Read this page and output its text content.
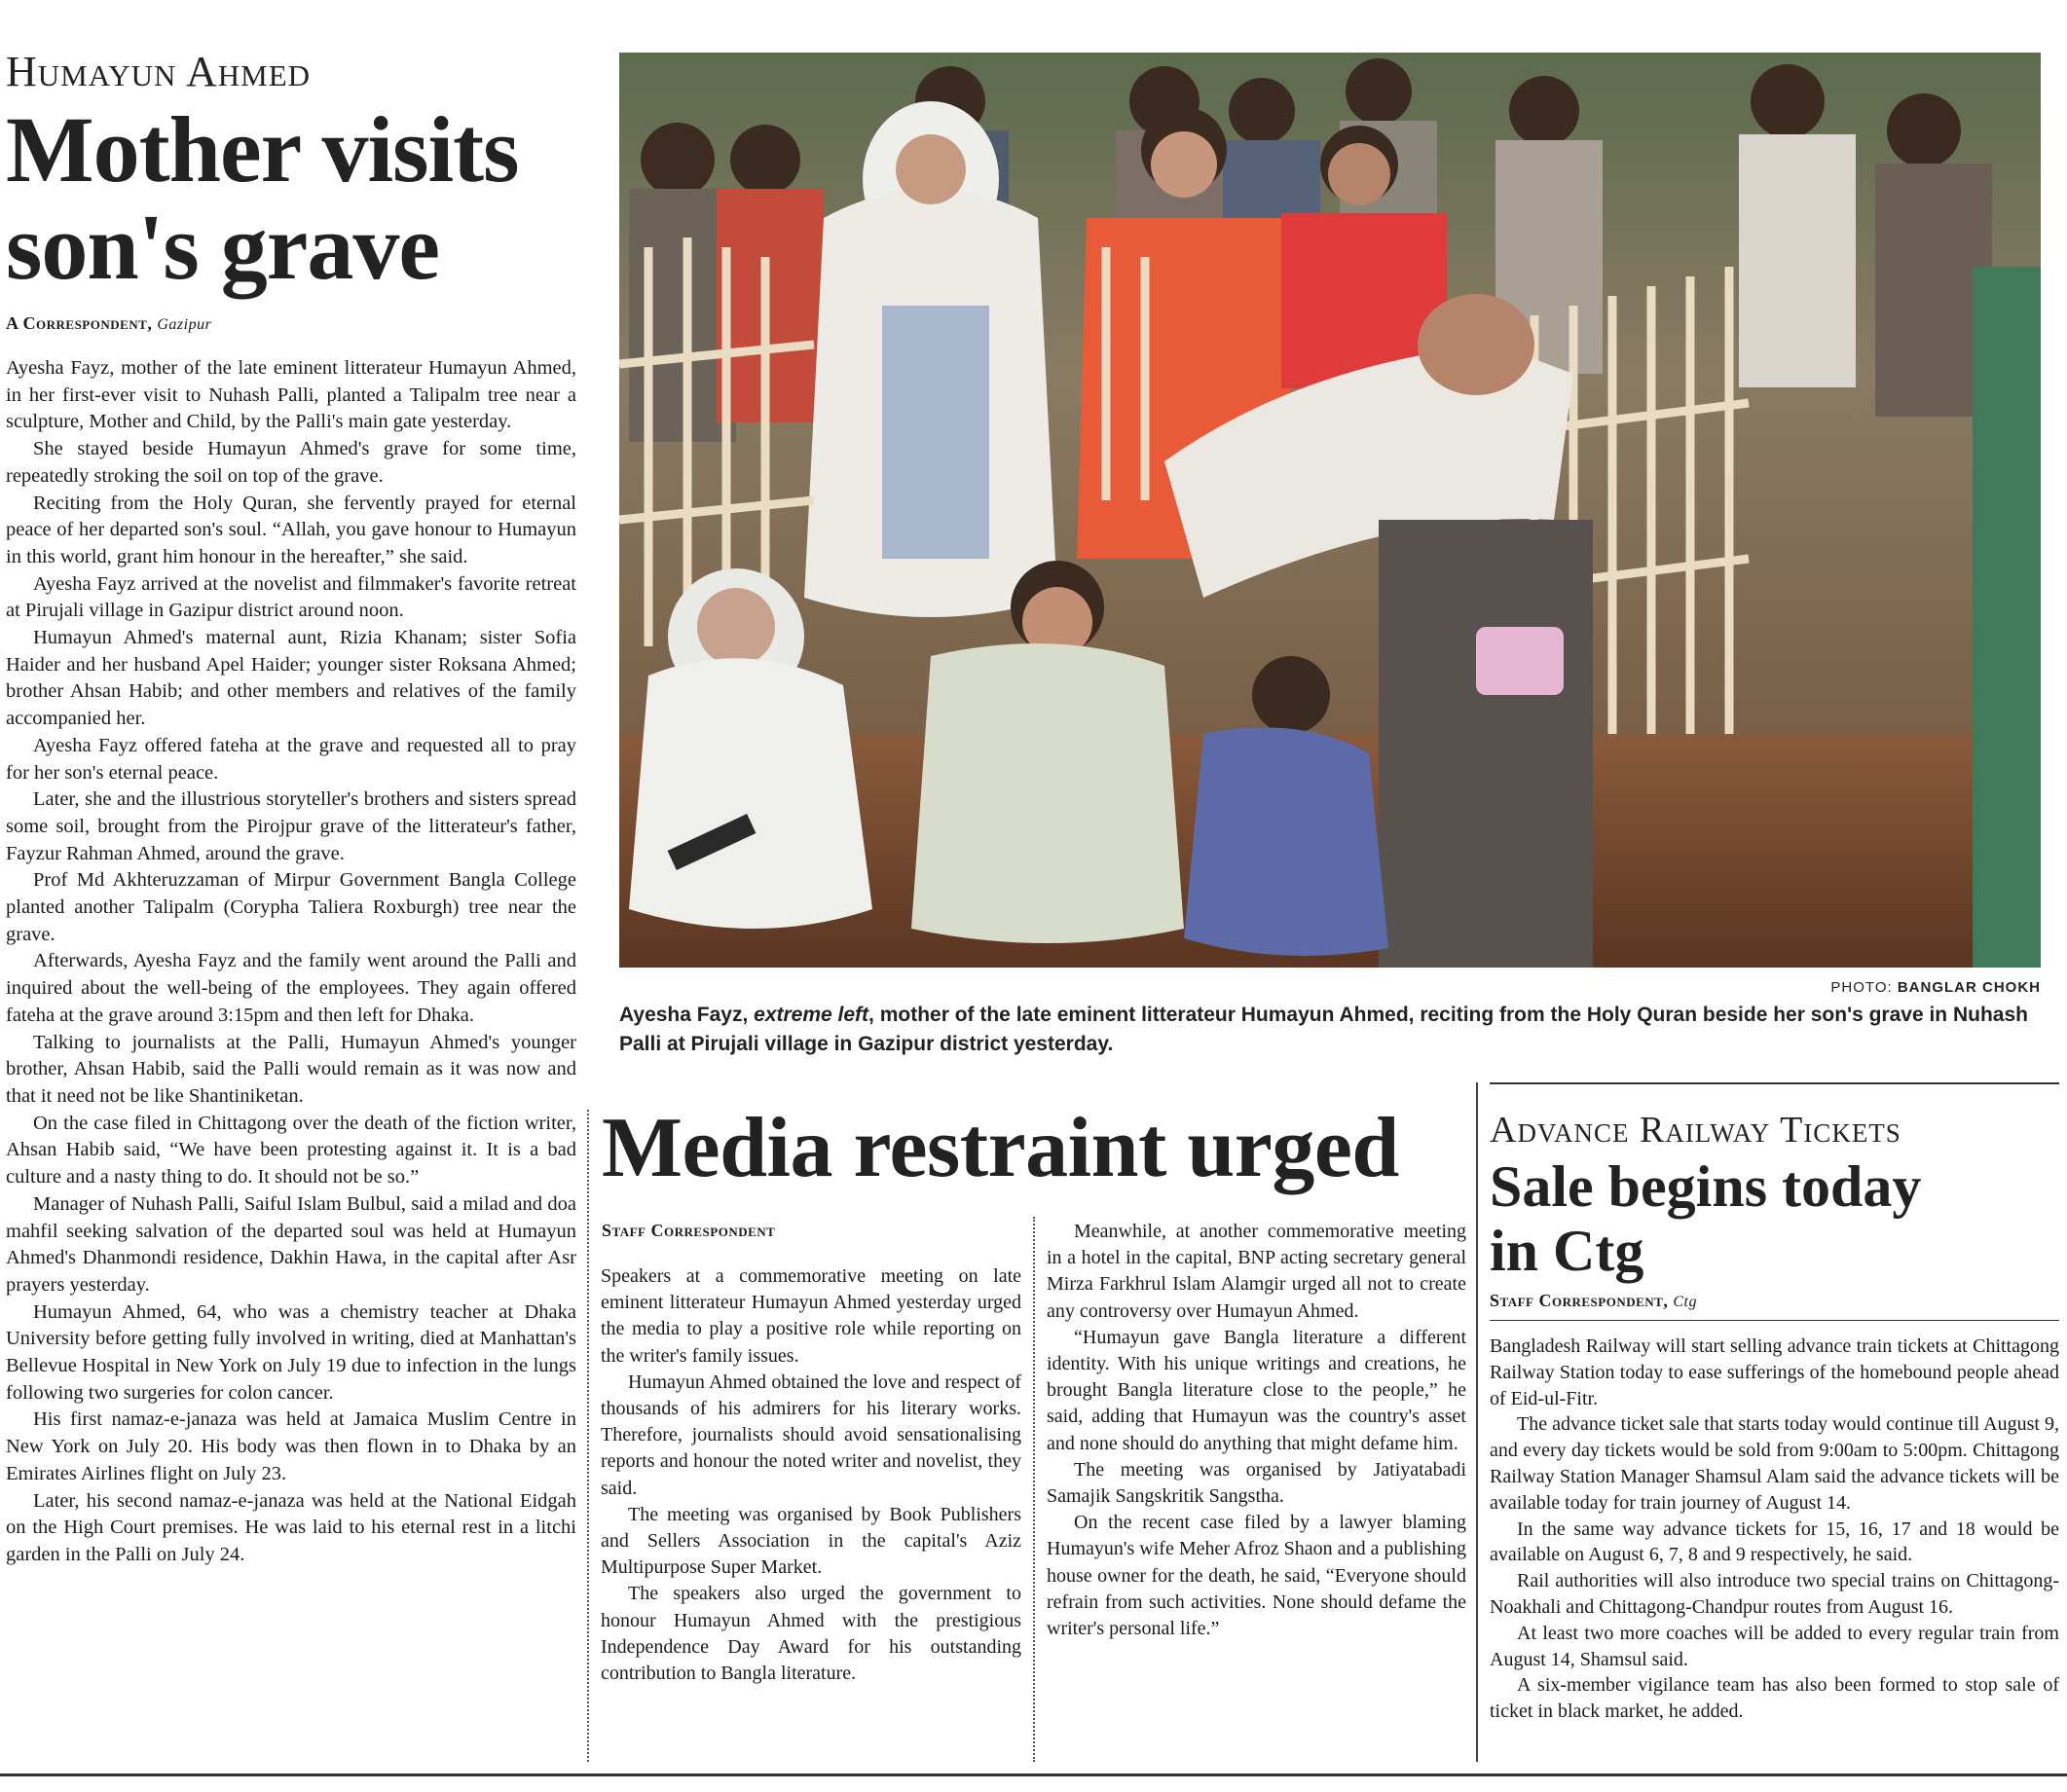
Humayun Ahmed
Mother visits
son's grave
A Correspondent, Gazipur

Ayesha Fayz, mother of the late eminent litterateur Humayun Ahmed, in her first-ever visit to Nuhash Palli, planted a Talipalm tree near a sculpture, Mother and Child, by the Palli's main gate yesterday.

She stayed beside Humayun Ahmed's grave for some time, repeatedly stroking the soil on top of the grave.

Reciting from the Holy Quran, she fervently prayed for eternal peace of her departed son's soul. “Allah, you gave honour to Humayun in this world, grant him honour in the hereafter,” she said.

Ayesha Fayz arrived at the novelist and filmmaker's favorite retreat at Pirujali village in Gazipur district around noon.

Humayun Ahmed's maternal aunt, Rizia Khanam; sister Sofia Haider and her husband Apel Haider; younger sister Roksana Ahmed; brother Ahsan Habib; and other members and relatives of the family accompanied her.

Ayesha Fayz offered fateha at the grave and requested all to pray for her son's eternal peace.

Later, she and the illustrious storyteller's brothers and sisters spread some soil, brought from the Pirojpur grave of the litterateur's father, Fayzur Rahman Ahmed, around the grave.

Prof Md Akhteruzzaman of Mirpur Government Bangla College planted another Talipalm (Corypha Taliera Roxburgh) tree near the grave.

Afterwards, Ayesha Fayz and the family went around the Palli and inquired about the well-being of the employees. They again offered fateha at the grave around 3:15pm and then left for Dhaka.

Talking to journalists at the Palli, Humayun Ahmed's younger brother, Ahsan Habib, said the Palli would remain as it was now and that it need not be like Shantiniketan.

On the case filed in Chittagong over the death of the fiction writer, Ahsan Habib said, “We have been protesting against it. It is a bad culture and a nasty thing to do. It should not be so.”

Manager of Nuhash Palli, Saiful Islam Bulbul, said a milad and doa mahfil seeking salvation of the departed soul was held at Humayun Ahmed's Dhanmondi residence, Dakhin Hawa, in the capital after Asr prayers yesterday.

Humayun Ahmed, 64, who was a chemistry teacher at Dhaka University before getting fully involved in writing, died at Manhattan's Bellevue Hospital in New York on July 19 due to infection in the lungs following two surgeries for colon cancer.

His first namaz-e-janaza was held at Jamaica Muslim Centre in New York on July 20. His body was then flown in to Dhaka by an Emirates Airlines flight on July 23.

Later, his second namaz-e-janaza was held at the National Eidgah on the High Court premises. He was laid to his eternal rest in a litchi garden in the Palli on July 24.

PHOTO: BANGLAR CHOKH
Ayesha Fayz, extreme left, mother of the late eminent litterateur Humayun Ahmed, reciting from the Holy Quran beside her son's grave in Nuhash Palli at Pirujali village in Gazipur district yesterday.
Media restraint urged
Staff Correspondent

Speakers at a commemorative meeting on late eminent litterateur Humayun Ahmed yesterday urged the media to play a positive role while reporting on the writer's family issues.

Humayun Ahmed obtained the love and respect of thousands of his admirers for his literary works. Therefore, journalists should avoid sensationalising reports and honour the noted writer and novelist, they said.

The meeting was organised by Book Publishers and Sellers Association in the capital's Aziz Multipurpose Super Market.

The speakers also urged the government to honour Humayun Ahmed with the prestigious Independence Day Award for his outstanding contribution to Bangla literature.

Meanwhile, at another commemorative meeting in a hotel in the capital, BNP acting secretary general Mirza Farkhrul Islam Alamgir urged all not to create any controversy over Humayun Ahmed.

“Humayun gave Bangla literature a different identity. With his unique writings and creations, he brought Bangla literature close to the people,” he said, adding that Humayun was the country's asset and none should do anything that might defame him.

The meeting was organised by Jatiyatabadi Samajik Sangskritik Sangstha.

On the recent case filed by a lawyer blaming Humayun's wife Meher Afroz Shaon and a publishing house owner for the death, he said, “Everyone should refrain from such activities. None should defame the writer's personal life.”

Advance Railway Tickets
Sale begins today
in Ctg
Staff Correspondent, Ctg

Bangladesh Railway will start selling advance train tickets at Chittagong Railway Station today to ease sufferings of the homebound people ahead of Eid-ul-Fitr.

The advance ticket sale that starts today would continue till August 9, and every day tickets would be sold from 9:00am to 5:00pm. Chittagong Railway Station Manager Shamsul Alam said the advance tickets will be available today for train journey of August 14.

In the same way advance tickets for 15, 16, 17 and 18 would be available on August 6, 7, 8 and 9 respectively, he said.

Rail authorities will also introduce two special trains on Chittagong-Noakhali and Chittagong-Chandpur routes from August 16.

At least two more coaches will be added to every regular train from August 14, Shamsul said.

A six-member vigilance team has also been formed to stop sale of ticket in black market, he added.
